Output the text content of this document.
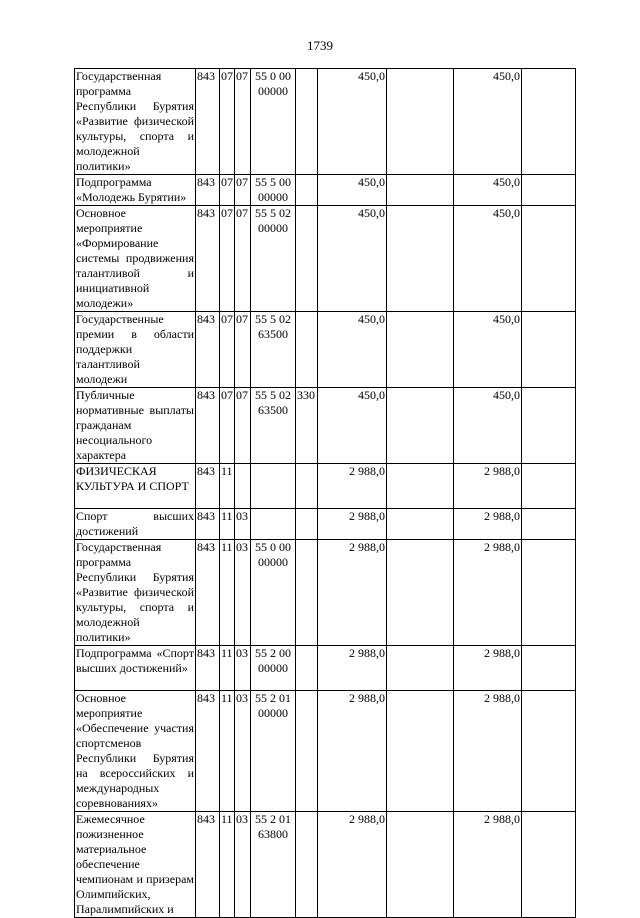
1739
Государственная программа Республики Бурятия «Развитие физической культуры, спорта и молодежной политики»	843	07	07	55 0 00 00000		450,0		450,0	
Подпрограмма «Молодежь Бурятии»	843	07	07	55 5 00 00000		450,0		450,0	
Основное мероприятие «Формирование системы продвижения талантливой и инициативной молодежи»	843	07	07	55 5 02 00000		450,0		450,0	
Государственные премии в области поддержки талантливой молодежи	843	07	07	55 5 02 63500		450,0		450,0	
Публичные нормативные выплаты гражданам несоциального характера	843	07	07	55 5 02 63500	330	450,0		450,0	
ФИЗИЧЕСКАЯ КУЛЬТУРА И СПОРТ	843	11				2 988,0		2 988,0	
Спорт высших достижений	843	11	03			2 988,0		2 988,0	
Государственная программа Республики Бурятия «Развитие физической культуры, спорта и молодежной политики»	843	11	03	55 0 00 00000		2 988,0		2 988,0	
Подпрограмма «Спорт высших достижений»	843	11	03	55 2 00 00000		2 988,0		2 988,0	
Основное мероприятие «Обеспечение участия спортсменов Республики Бурятия на всероссийских и международных соревнованиях»	843	11	03	55 2 01 00000		2 988,0		2 988,0	
Ежемесячное пожизненное материальное обеспечение чемпионам и призерам Олимпийских, Паралимпийских и	843	11	03	55 2 01 63800		2 988,0		2 988,0	
